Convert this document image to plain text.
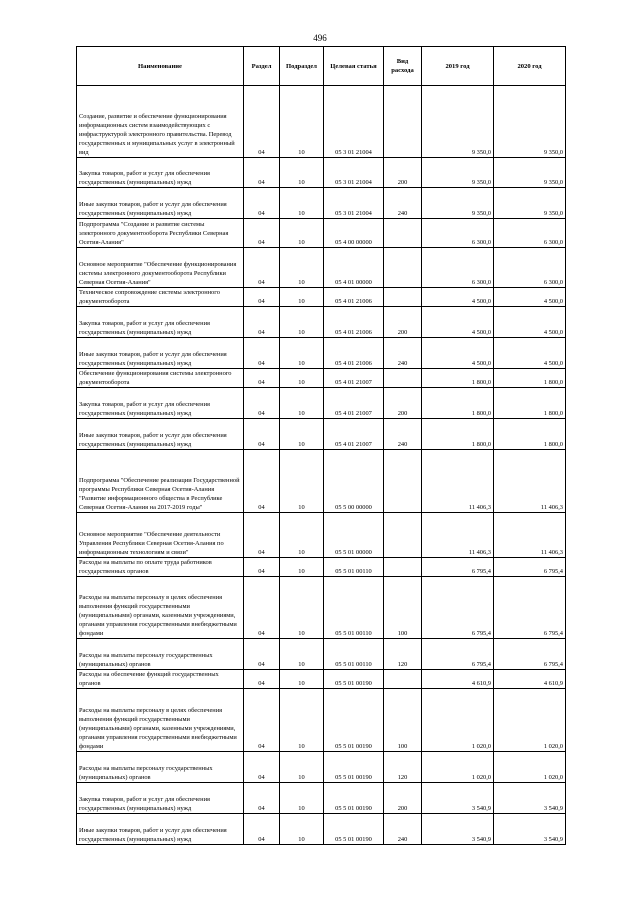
496
Наименование	Раздел	Подраздел	Целевая статья	Вид расхода	2019 год	2020 год
Создание, развитие и обеспечение функционирования информационных систем взаимодействующих с инфраструктурой электронного правительства. Перевод государственных и муниципальных услуг в электронный вид	04	10	05 3 01 21004		9 350,0	9 350,0
Закупка товаров, работ и услуг для обеспечения государственных (муниципальных) нужд	04	10	05 3 01 21004	200	9 350,0	9 350,0
Иные закупки товаров, работ и услуг для обеспечения государственных (муниципальных) нужд	04	10	05 3 01 21004	240	9 350,0	9 350,0
Подпрограмма "Создание и развитие системы электронного документооборота Республики Северная Осетия-Алания"	04	10	05 4 00 00000		6 300,0	6 300,0
Основное мероприятие "Обеспечение функционирования системы электронного документооборота Республики Северная Осетия-Алания"	04	10	05 4 01 00000		6 300,0	6 300,0
Техническое сопровождение системы электронного документооборота	04	10	05 4 01 21006		4 500,0	4 500,0
Закупка товаров, работ и услуг для обеспечения государственных (муниципальных) нужд	04	10	05 4 01 21006	200	4 500,0	4 500,0
Иные закупки товаров, работ и услуг для обеспечения государственных (муниципальных) нужд	04	10	05 4 01 21006	240	4 500,0	4 500,0
Обеспечение функционирования системы электронного документооборота	04	10	05 4 01 21007		1 800,0	1 800,0
Закупка товаров, работ и услуг для обеспечения государственных (муниципальных) нужд	04	10	05 4 01 21007	200	1 800,0	1 800,0
Иные закупки товаров, работ и услуг для обеспечения государственных (муниципальных) нужд	04	10	05 4 01 21007	240	1 800,0	1 800,0
Подпрограмма "Обеспечение реализации Государственной программы Республики Северная Осетия-Алания "Развитие информационного общества в Республике Северная Осетия-Алания на 2017-2019 годы"	04	10	05 5 00 00000		11 406,3	11 406,3
Основное мероприятие "Обеспечение деятельности Управления Республики Северная Осетия-Алания по информационным технологиям и связи"	04	10	05 5 01 00000		11 406,3	11 406,3
Расходы на выплаты по оплате труда работников государственных органов	04	10	05 5 01 00110		6 795,4	6 795,4
Расходы на выплаты персоналу в целях обеспечения выполнения функций государственными (муниципальными) органами, казенными учреждениями, органами управления государственными внебюджетными фондами	04	10	05 5 01 00110	100	6 795,4	6 795,4
Расходы на выплаты персоналу государственных (муниципальных) органов	04	10	05 5 01 00110	120	6 795,4	6 795,4
Расходы на обеспечение функций государственных органов	04	10	05 5 01 00190		4 610,9	4 610,9
Расходы на выплаты персоналу в целях обеспечения выполнения функций государственными (муниципальными) органами, казенными учреждениями, органами управления государственными внебюджетными фондами	04	10	05 5 01 00190	100	1 020,0	1 020,0
Расходы на выплаты персоналу государственных (муниципальных) органов	04	10	05 5 01 00190	120	1 020,0	1 020,0
Закупка товаров, работ и услуг для обеспечения государственных (муниципальных) нужд	04	10	05 5 01 00190	200	3 540,9	3 540,9
Иные закупки товаров, работ и услуг для обеспечения государственных (муниципальных) нужд	04	10	05 5 01 00190	240	3 540,9	3 540,9
